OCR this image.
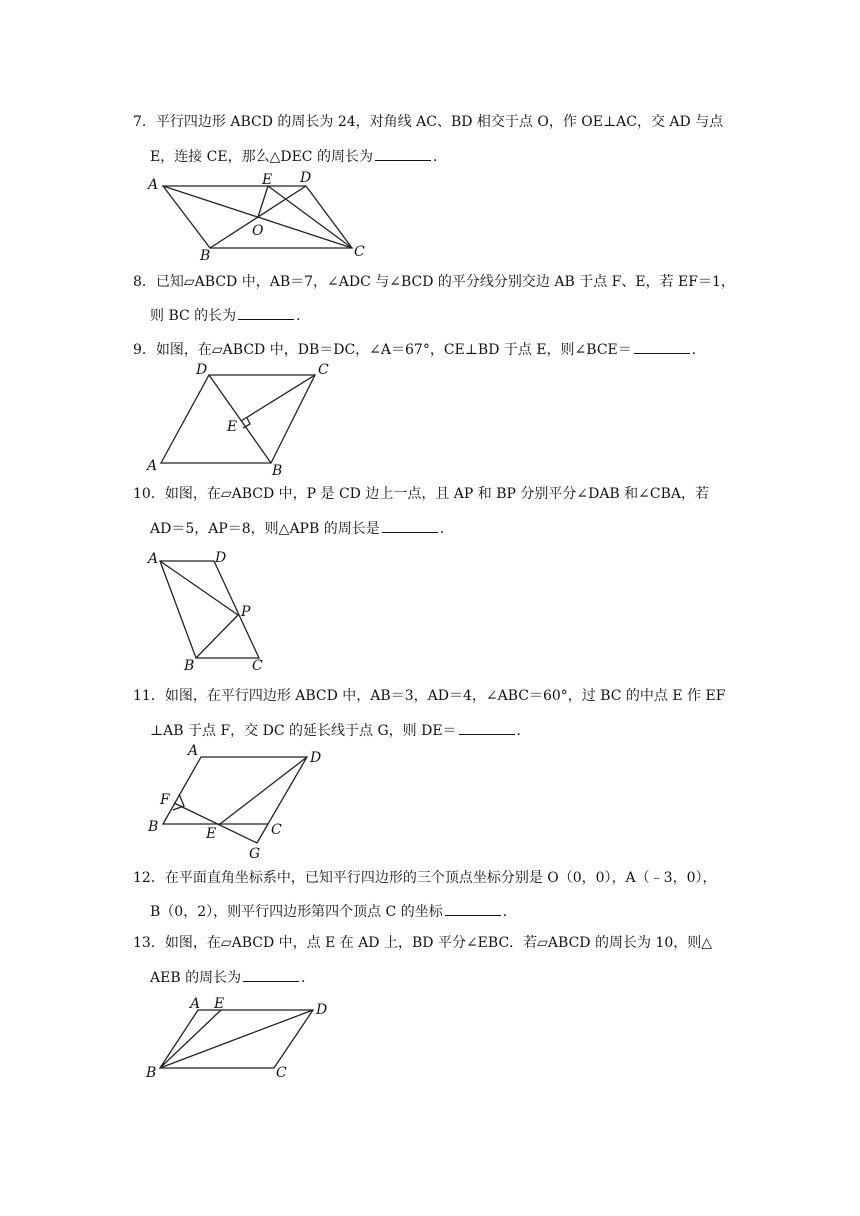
7．平行四边形 ABCD 的周长为 24，对角线 AC、BD 相交于点 O，作 OE⊥AC，交 AD 与点
E，连接 CE，那么△DEC 的周长为	．
A	E D
O
B	C
8．已知▱ABCD 中，AB＝7，∠ADC 与∠BCD 的平分线分别交边 AB 于点 F、E，若 EF＝1，
则 BC 的长为	．
9．如图，在▱ABCD 中，DB＝DC，∠A＝67°，CE⊥BD 于点 E，则∠BCE＝	．
D	C
E
A	B
10．如图，在▱ABCD 中，P 是 CD 边上一点，且 AP 和 BP 分别平分∠DAB 和∠CBA，若
AD＝5，AP＝8，则△APB 的周长是	．
A	D
P
B	C
11．如图，在平行四边形 ABCD 中，AB＝3，AD＝4，∠ABC＝60°，过 BC 的中点 E 作 EF
⊥AB 于点 F，交 DC 的延长线于点 G，则 DE＝	．
A	D
F
B	E	C
G
12．在平面直角坐标系中，已知平行四边形的三个顶点坐标分别是 O（0，0），A（﹣3，0），
B（0，2），则平行四边形第四个顶点 C 的坐标	．
13．如图，在▱ABCD 中，点 E 在 AD 上，BD 平分∠EBC．若▱ABCD 的周长为 10，则△
AEB 的周长为	．
A E	D
B	C
